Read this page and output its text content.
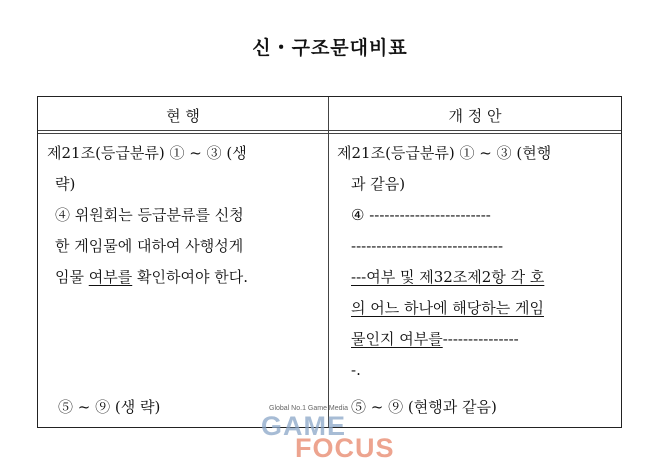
신・구조문대비표
현 행	개 정 안
제21조(등급분류) ① ~ ③ (생
략)
④ 위원회는 등급분류를 신청
한 게임물에 대하여 사행성게
임물 여부를 확인하여야 한다.
⑤ ~ ⑨ (생 략)
제21조(등급분류) ① ~ ③ (현행
과 같음)
④ ------------------------
------------------------------
---여부 및 제32조제2항 각 호
의 어느 하나에 해당하는 게임
물인지 여부를---------------
-.
⑤ ~ ⑨ (현행과 같음)
Global No.1 Game Media
GAME
FOCUS
